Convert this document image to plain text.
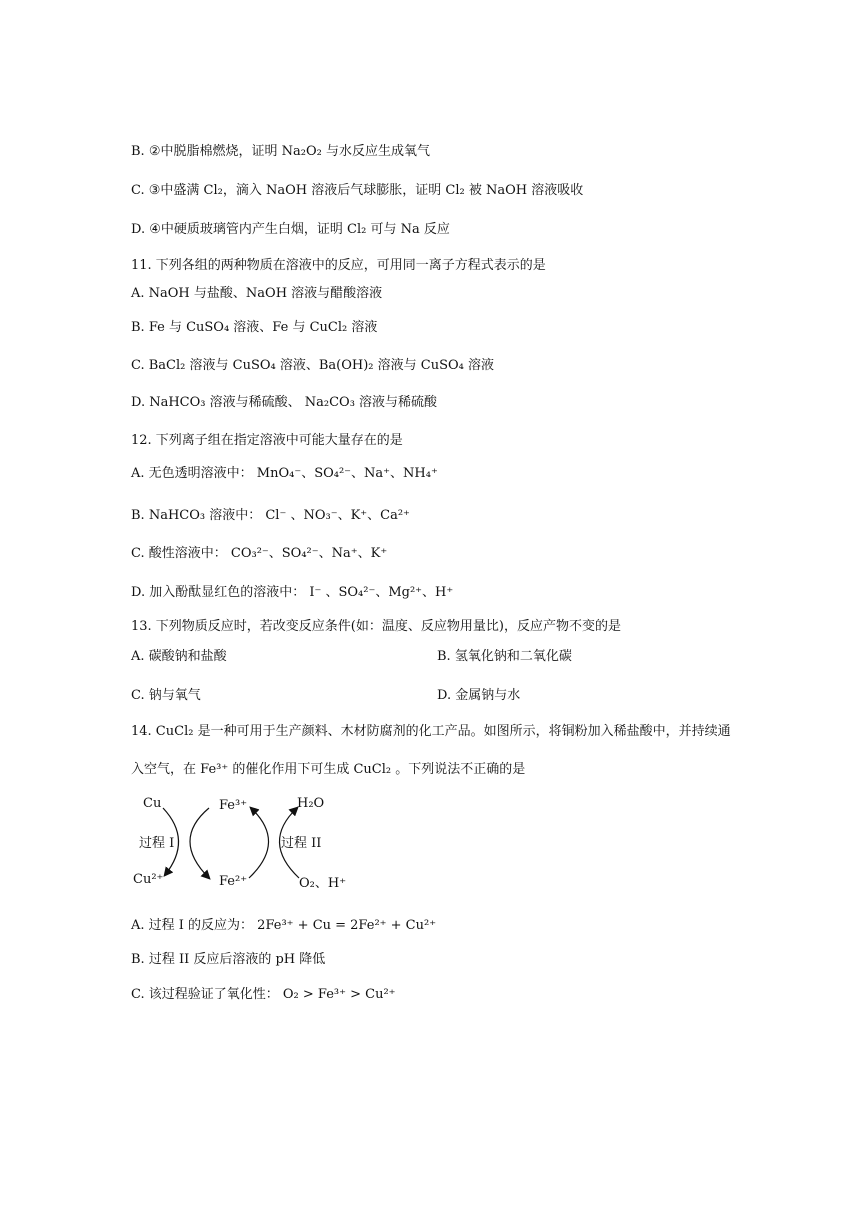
B. ②中脱脂棉燃烧，证明 Na₂O₂ 与水反应生成氧气
C. ③中盛满 Cl₂，滴入 NaOH 溶液后气球膨胀，证明 Cl₂ 被 NaOH 溶液吸收
D. ④中硬质玻璃管内产生白烟，证明 Cl₂ 可与 Na 反应
11. 下列各组的两种物质在溶液中的反应，可用同一离子方程式表示的是
A. NaOH 与盐酸、NaOH 溶液与醋酸溶液
B. Fe 与 CuSO₄ 溶液、Fe 与 CuCl₂ 溶液
C. BaCl₂ 溶液与 CuSO₄ 溶液、Ba(OH)₂ 溶液与 CuSO₄ 溶液
D. NaHCO₃ 溶液与稀硫酸、 Na₂CO₃ 溶液与稀硫酸
12. 下列离子组在指定溶液中可能大量存在的是
A. 无色透明溶液中： MnO₄⁻、SO₄²⁻、Na⁺、NH₄⁺
B. NaHCO₃ 溶液中： Cl⁻ 、NO₃⁻、K⁺、Ca²⁺
C. 酸性溶液中： CO₃²⁻、SO₄²⁻、Na⁺、K⁺
D. 加入酚酞显红色的溶液中： I⁻ 、SO₄²⁻、Mg²⁺、H⁺
13. 下列物质反应时，若改变反应条件(如：温度、反应物用量比)，反应产物不变的是
A. 碳酸钠和盐酸	B. 氢氧化钠和二氧化碳
C. 钠与氧气	D. 金属钠与水
14. CuCl₂ 是一种可用于生产颜料、木材防腐剂的化工产品。如图所示，将铜粉加入稀盐酸中，并持续通
入空气，在 Fe³⁺ 的催化作用下可生成 CuCl₂ 。下列说法不正确的是
Cu	Fe³⁺	H₂O
过程 I	过程 II
Cu²⁺	Fe²⁺	O₂、H⁺
A. 过程 I 的反应为： 2Fe³⁺ + Cu = 2Fe²⁺ + Cu²⁺
B. 过程 II 反应后溶液的 pH 降低
C. 该过程验证了氧化性： O₂ > Fe³⁺ > Cu²⁺
